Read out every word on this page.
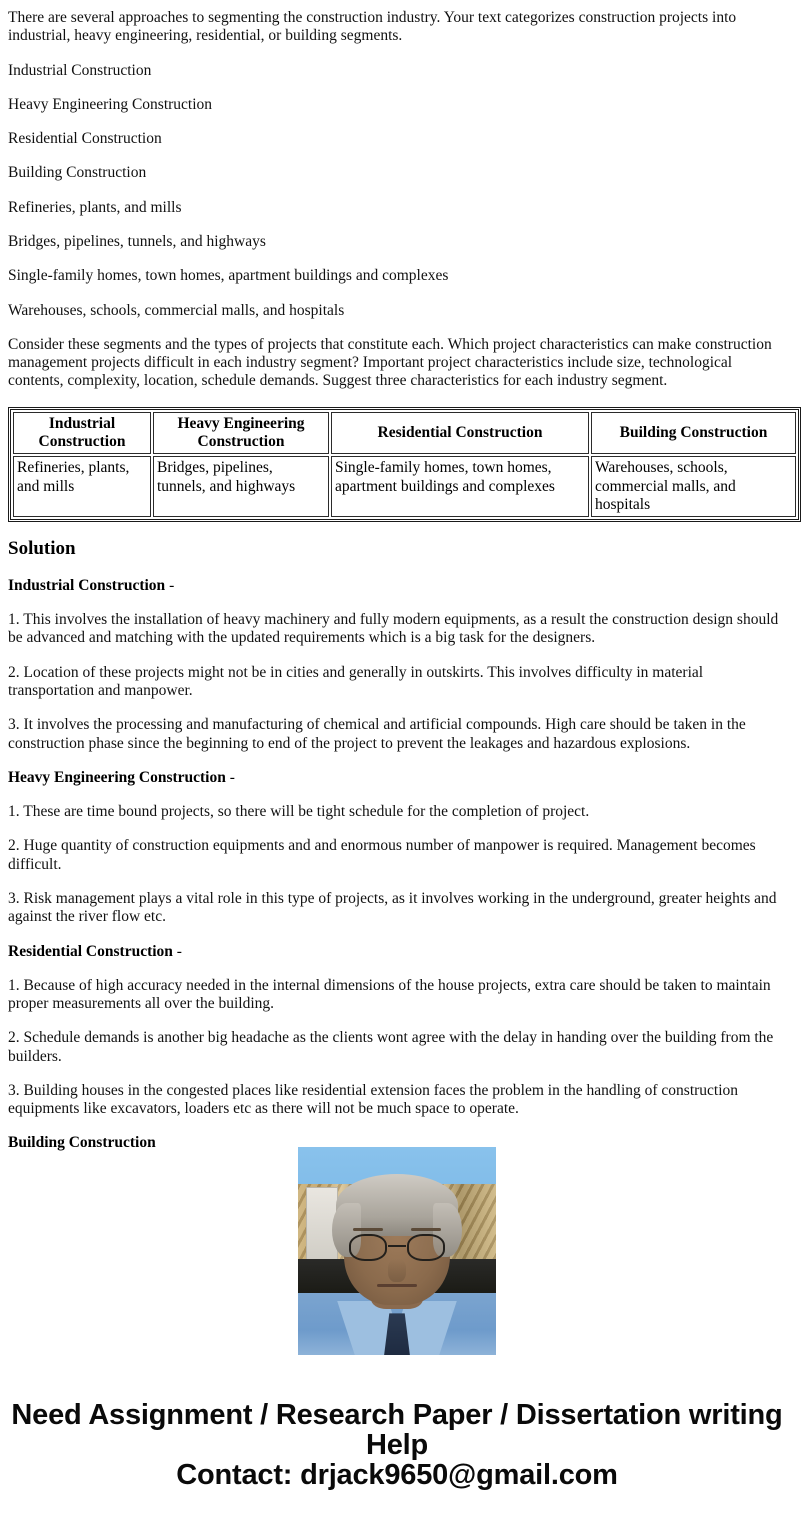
There are several approaches to segmenting the construction industry. Your text categorizes construction projects into industrial, heavy engineering, residential, or building segments.

Industrial Construction

Heavy Engineering Construction

Residential Construction

Building Construction

Refineries, plants, and mills

Bridges, pipelines, tunnels, and highways

Single-family homes, town homes, apartment buildings and complexes

Warehouses, schools, commercial malls, and hospitals

Consider these segments and the types of projects that constitute each. Which project characteristics can make construction management projects difficult in each industry segment? Important project characteristics include size, technological contents, complexity, location, schedule demands. Suggest three characteristics for each industry segment.

Industrial Construction	Heavy Engineering Construction	Residential Construction	Building Construction
Refineries, plants, and mills	Bridges, pipelines, tunnels, and highways	Single-family homes, town homes, apartment buildings and complexes	Warehouses, schools, commercial malls, and hospitals

Solution

Industrial Construction -

1. This involves the installation of heavy machinery and fully modern equipments, as a result the construction design should be advanced and matching with the updated requirements which is a big task for the designers.

2. Location of these projects might not be in cities and generally in outskirts. This involves difficulty in material transportation and manpower.

3. It involves the processing and manufacturing of chemical and artificial compounds. High care should be taken in the construction phase since the beginning to end of the project to prevent the leakages and hazardous explosions.

Heavy Engineering Construction -

1. These are time bound projects, so there will be tight schedule for the completion of project.

2. Huge quantity of construction equipments and and enormous number of manpower is required. Management becomes difficult.

3. Risk management plays a vital role in this type of projects, as it involves working in the underground, greater heights and against the river flow etc.

Residential Construction -

1. Because of high accuracy needed in the internal dimensions of the house projects, extra care should be taken to maintain proper measurements all over the building.

2. Schedule demands is another big headache as the clients wont agree with the delay in handing over the building from the builders.

3. Building houses in the congested places like residential extension faces the problem in the handling of construction equipments like excavators, loaders etc as there will not be much space to operate.

Building Construction

Need Assignment / Research Paper / Dissertation writing Help
Contact: drjack9650@gmail.com
